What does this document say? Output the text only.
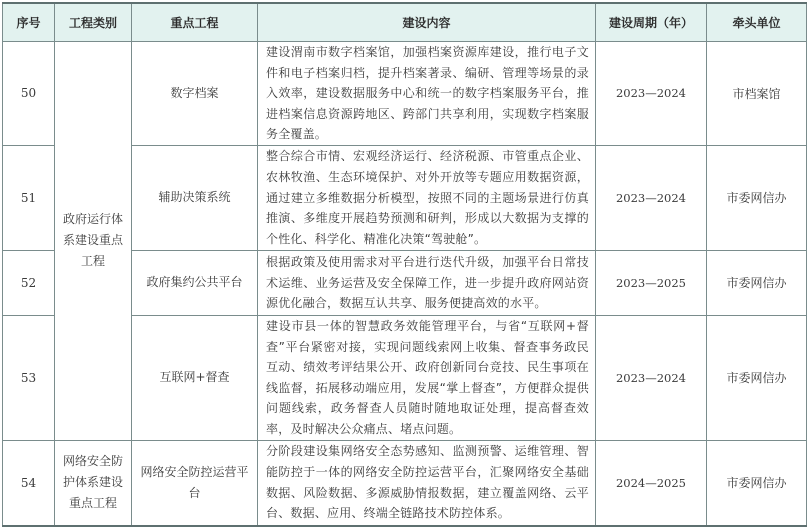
序号	工程类别	重点工程	建设内容	建设周期（年）	牵头单位
50	政府运行体系建设重点工程	数字档案	建设渭南市数字档案馆，加强档案资源库建设，推行电子文件和电子档案归档，提升档案著录、编研、管理等场景的录入效率，建设数据服务中心和统一的数字档案服务平台，推进档案信息资源跨地区、跨部门共享利用，实现数字档案服务全覆盖。	2023—2024	市档案馆
51		辅助决策系统	整合综合市情、宏观经济运行、经济税源、市管重点企业、农林牧渔、生态环境保护、对外开放等专题应用数据资源，通过建立多维数据分析模型，按照不同的主题场景进行仿真推演、多维度开展趋势预测和研判，形成以大数据为支撑的个性化、科学化、精准化决策“驾驶舱”。	2023—2024	市委网信办
52		政府集约公共平台	根据政策及使用需求对平台进行迭代升级，加强平台日常技术运维、业务运营及安全保障工作，进一步提升政府网站资源优化融合，数据互认共享、服务便捷高效的水平。	2023—2025	市委网信办
53		互联网+督查	建设市县一体的智慧政务效能管理平台，与省“互联网+督查”平台紧密对接，实现问题线索网上收集、督查事务政民互动、绩效考评结果公开、政府创新同台竞技、民生事项在线监督，拓展移动端应用，发展“掌上督查”，方便群众提供问题线索，政务督查人员随时随地取证处理，提高督查效率，及时解决公众痛点、堵点问题。	2023—2024	市委网信办
54	网络安全防护体系建设重点工程	网络安全防控运营平台	分阶段建设集网络安全态势感知、监测预警、运维管理、智能防控于一体的网络安全防控运营平台，汇聚网络安全基础数据、风险数据、多源威胁情报数据，建立覆盖网络、云平台、数据、应用、终端全链路技术防控体系。	2024—2025	市委网信办
